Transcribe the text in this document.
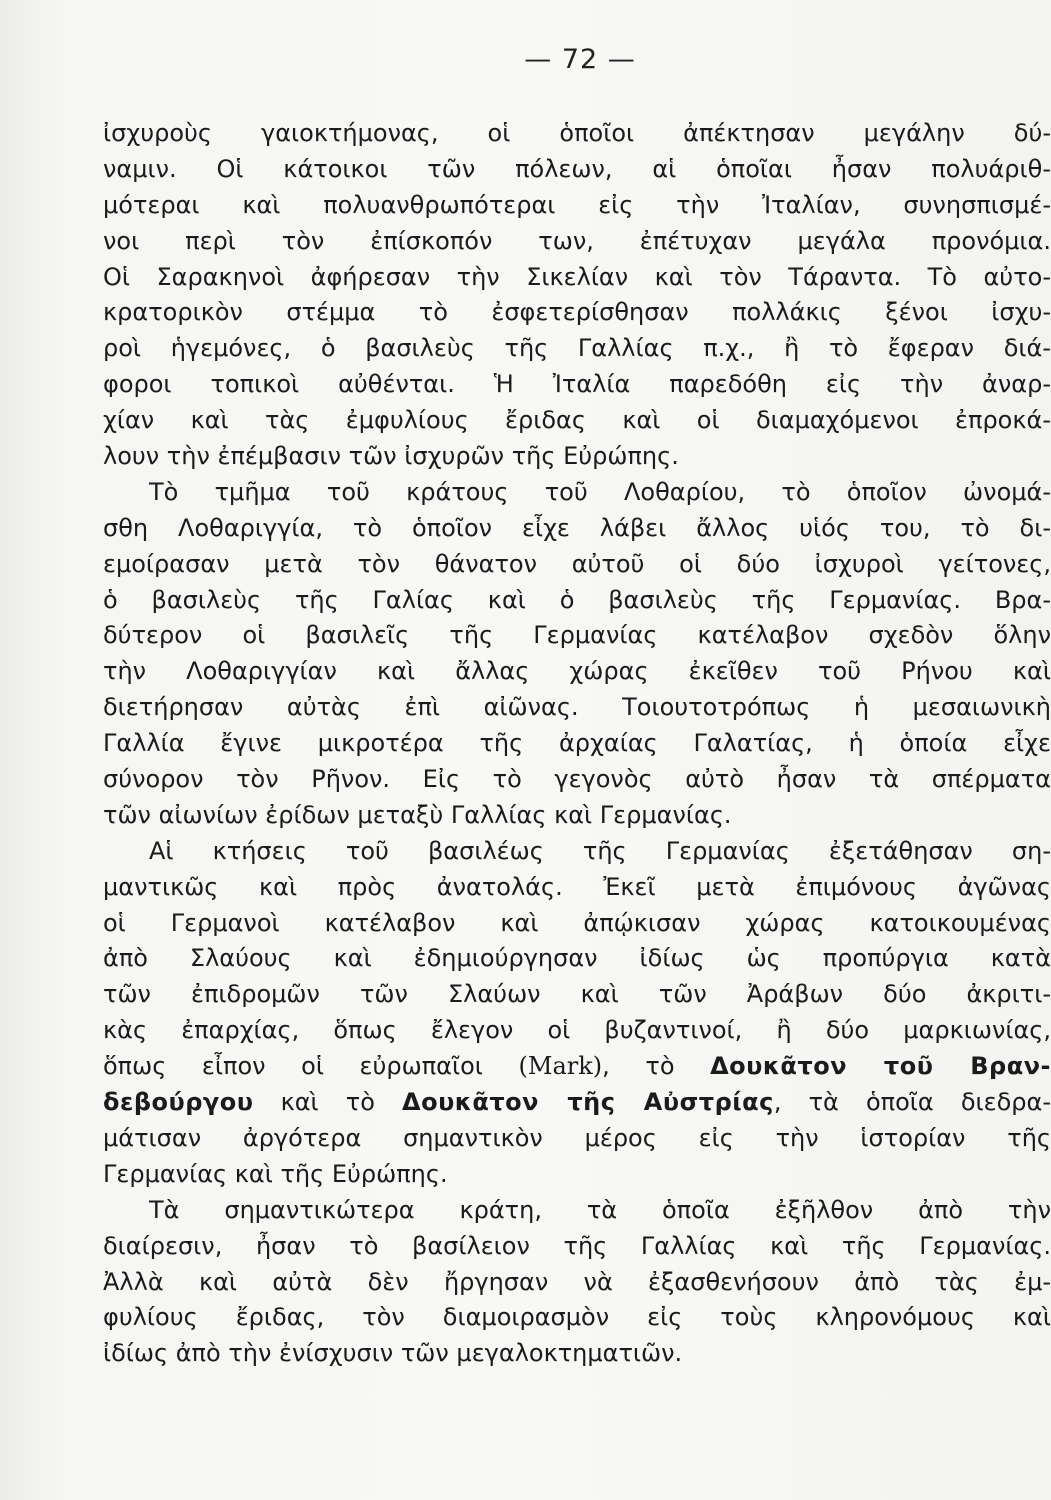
— 72 —
ἰσχυροὺς γαιοκτήμονας, οἱ ὁποῖοι ἀπέκτησαν μεγάλην δύ-
ναμιν. Οἱ κάτοικοι τῶν πόλεων, αἱ ὁποῖαι ἦσαν πολυάριθ-
μότεραι καὶ πολυανθρωπότεραι εἰς τὴν Ἰταλίαν, συνησπισμέ-
νοι περὶ τὸν ἐπίσκοπόν των, ἐπέτυχαν μεγάλα προνόμια.
Οἱ Σαρακηνοὶ ἀφήρεσαν τὴν Σικελίαν καὶ τὸν Τάραντα. Τὸ αὐτο-
κρατορικὸν στέμμα τὸ ἐσφετερίσθησαν πολλάκις ξένοι ἰσχυ-
ροὶ ἡγεμόνες, ὁ βασιλεὺς τῆς Γαλλίας π.χ., ἢ τὸ ἔφεραν διά-
φοροι τοπικοὶ αὐθένται. Ἡ Ἰταλία παρεδόθη εἰς τὴν ἀναρ-
χίαν καὶ τὰς ἐμφυλίους ἔριδας καὶ οἱ διαμαχόμενοι ἐπροκά-
λουν τὴν ἐπέμβασιν τῶν ἰσχυρῶν τῆς Εὐρώπης.
Τὸ τμῆμα τοῦ κράτους τοῦ Λοθαρίου, τὸ ὁποῖον ὠνομά-
σθη Λοθαριγγία, τὸ ὁποῖον εἶχε λάβει ἄλλος υἱός του, τὸ δι-
εμοίρασαν μετὰ τὸν θάνατον αὐτοῦ οἱ δύο ἰσχυροὶ γείτονες,
ὁ βασιλεὺς τῆς Γαλίας καὶ ὁ βασιλεὺς τῆς Γερμανίας. Βρα-
δύτερον οἱ βασιλεῖς τῆς Γερμανίας κατέλαβον σχεδὸν ὅλην
τὴν Λοθαριγγίαν καὶ ἄλλας χώρας ἐκεῖθεν τοῦ Ρήνου καὶ
διετήρησαν αὐτὰς ἐπὶ αἰῶνας. Τοιουτοτρόπως ἡ μεσαιωνικὴ
Γαλλία ἔγινε μικροτέρα τῆς ἀρχαίας Γαλατίας, ἡ ὁποία εἶχε
σύνορον τὸν Ρῆνον. Εἰς τὸ γεγονὸς αὐτὸ ἦσαν τὰ σπέρματα
τῶν αἰωνίων ἐρίδων μεταξὺ Γαλλίας καὶ Γερμανίας.
Αἱ κτήσεις τοῦ βασιλέως τῆς Γερμανίας ἐξετάθησαν ση-
μαντικῶς καὶ πρὸς ἀνατολάς. Ἐκεῖ μετὰ ἐπιμόνους ἀγῶνας
οἱ Γερμανοὶ κατέλαβον καὶ ἀπῴκισαν χώρας κατοικουμένας
ἀπὸ Σλαύους καὶ ἐδημιούργησαν ἰδίως ὡς προπύργια κατὰ
τῶν ἐπιδρομῶν τῶν Σλαύων καὶ τῶν Ἀράβων δύο ἀκριτι-
κὰς ἐπαρχίας, ὅπως ἔλεγον οἱ βυζαντινοί, ἢ δύο μαρκιωνίας,
ὅπως εἶπον οἱ εὐρωπαῖοι (Mark), τὸ Δουκᾶτον τοῦ Βραν-
δεβούργου καὶ τὸ Δουκᾶτον τῆς Αὐστρίας, τὰ ὁποῖα διεδρα-
μάτισαν ἀργότερα σημαντικὸν μέρος εἰς τὴν ἱστορίαν τῆς
Γερμανίας καὶ τῆς Εὐρώπης.
Τὰ σημαντικώτερα κράτη, τὰ ὁποῖα ἐξῆλθον ἀπὸ τὴν
διαίρεσιν, ἦσαν τὸ βασίλειον τῆς Γαλλίας καὶ τῆς Γερμανίας.
Ἀλλὰ καὶ αὐτὰ δὲν ἤργησαν νὰ ἐξασθενήσουν ἀπὸ τὰς ἐμ-
φυλίους ἔριδας, τὸν διαμοιρασμὸν εἰς τοὺς κληρονόμους καὶ
ἰδίως ἀπὸ τὴν ἐνίσχυσιν τῶν μεγαλοκτηματιῶν.
